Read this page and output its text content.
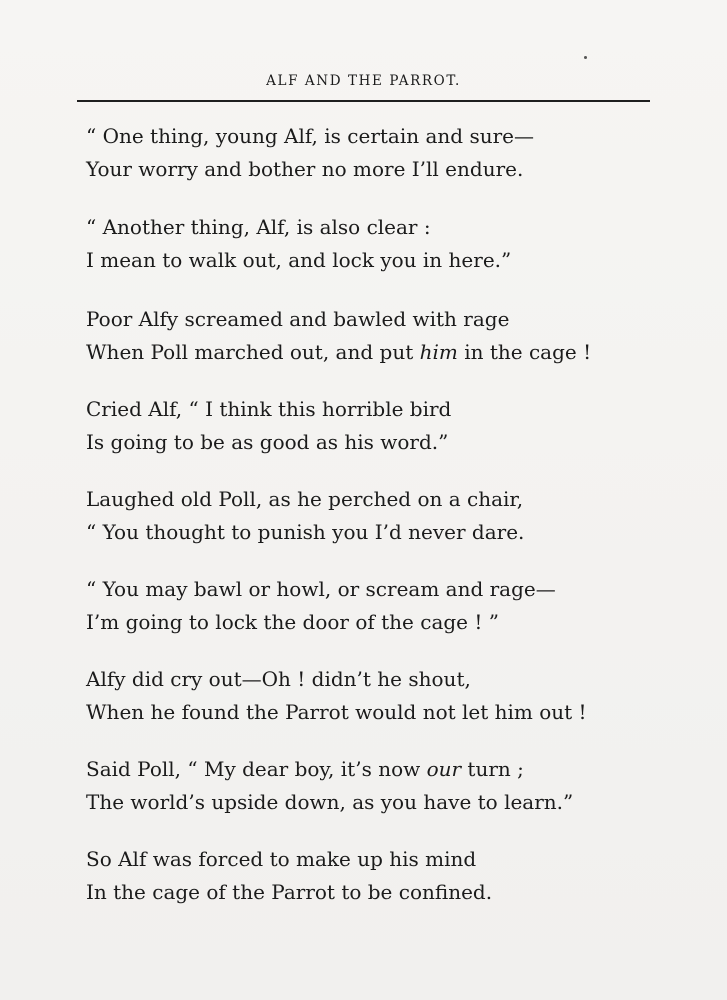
ALF AND THE PARROT.
“ One thing, young Alf, is certain and sure—
Your worry and bother no more I’ll endure.
“ Another thing, Alf, is also clear :
I mean to walk out, and lock you in here.”
Poor Alfy screamed and bawled with rage
When Poll marched out, and put him in the cage !
Cried Alf, “ I think this horrible bird
Is going to be as good as his word.”
Laughed old Poll, as he perched on a chair,
“ You thought to punish you I’d never dare.
“ You may bawl or howl, or scream and rage—
I’m going to lock the door of the cage ! ”
Alfy did cry out—Oh ! didn’t he shout,
When he found the Parrot would not let him out !
Said Poll, “ My dear boy, it’s now our turn ;
The world’s upside down, as you have to learn.”
So Alf was forced to make up his mind
In the cage of the Parrot to be confined.
